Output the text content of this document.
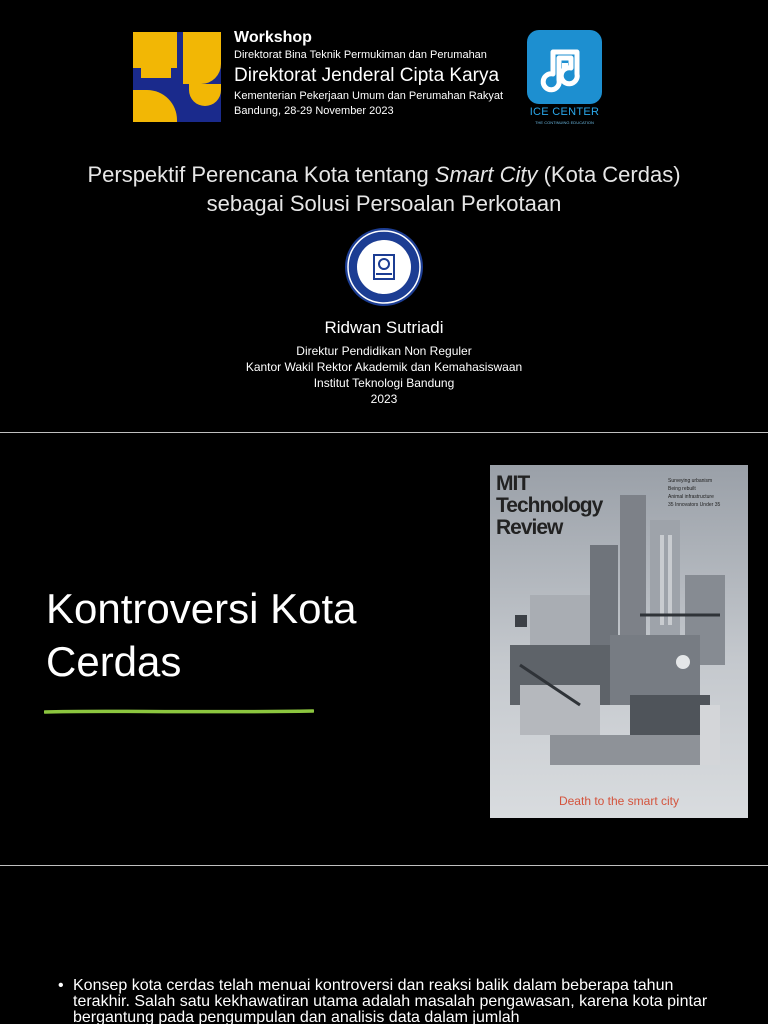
Workshop
Direktorat Bina Teknik Permukiman dan Perumahan
Direktorat Jenderal Cipta Karya
Kementerian Pekerjaan Umum dan Perumahan Rakyat
Bandung, 28-29 November 2023	ICE CENTER
THE CONTINUING EDUCATION
Perspektif Perencana Kota tentang Smart City (Kota Cerdas) sebagai Solusi Persoalan Perkotaan
Ridwan Sutriadi
Direktur Pendidikan Non Reguler
Kantor Wakil Rektor Akademik dan Kemahasiswaan
Institut Teknologi Bandung
2023
Kontroversi Kota
Cerdas
MIT
Technology
Review
Surveying urbanism
Being rebuilt
Animal infrastructure
35 Innovators Under 35
Death to the smart city
• Konsep kota cerdas telah menuai kontroversi dan reaksi balik dalam beberapa tahun terakhir. Salah satu kekhawatiran utama adalah masalah pengawasan, karena kota pintar bergantung pada pengumpulan dan analisis data dalam jumlah
